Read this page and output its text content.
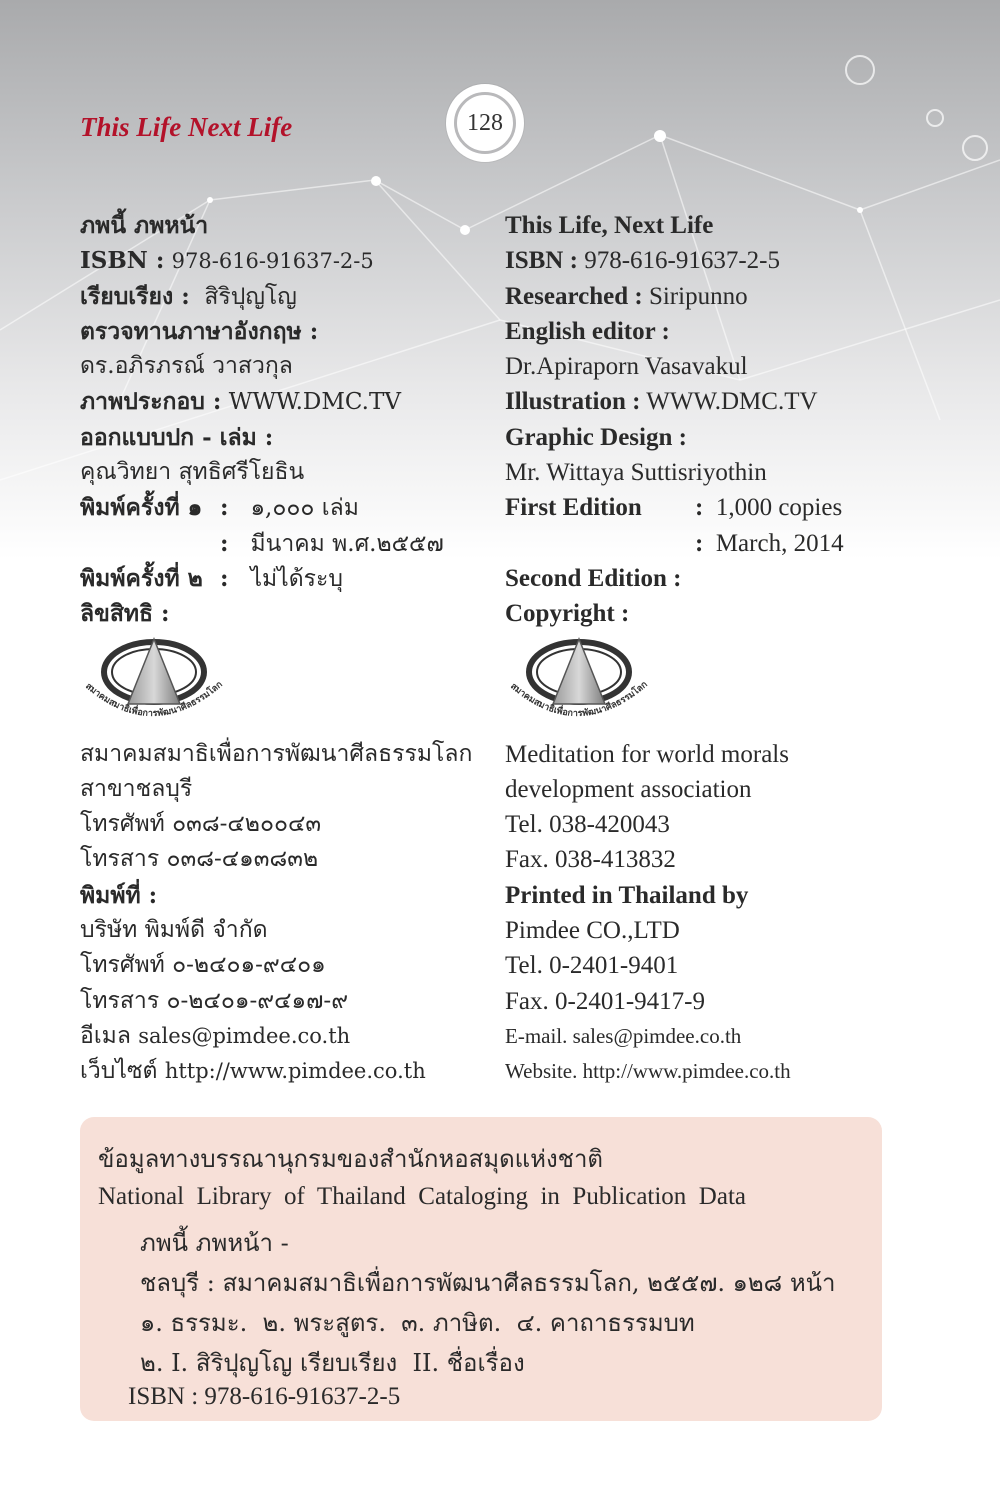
This Life Next Life	128
ภพนี้ ภพหน้า
ISBN : 978-616-91637-2-5
เรียบเรียง : สิริปุญโญ
ตรวจทานภาษาอังกฤษ :
ดร.อภิรภรณ์ วาสวกุล
ภาพประกอบ : WWW.DMC.TV
ออกแบบปก - เล่ม :
คุณวิทยา สุทธิศรีโยธิน
พิมพ์ครั้งที่ ๑ : ๑,๐๐๐ เล่ม
: มีนาคม พ.ศ.๒๕๕๗
พิมพ์ครั้งที่ ๒ : ไม่ได้ระบุ
ลิขสิทธิ :
สมาคมสมาธิเพื่อการพัฒนาศีลธรรมโลก
สมาคมสมาธิเพื่อการพัฒนาศีลธรรมโลก
สาขาชลบุรี
โทรศัพท์ ๐๓๘-๔๒๐๐๔๓
โทรสาร ๐๓๘-๔๑๓๘๓๒
พิมพ์ที่ :
บริษัท พิมพ์ดี จำกัด
โทรศัพท์ ๐-๒๔๐๑-๙๔๐๑
โทรสาร ๐-๒๔๐๑-๙๔๑๗-๙
อีเมล sales@pimdee.co.th
เว็บไซต์ http://www.pimdee.co.th
This Life, Next Life
ISBN : 978-616-91637-2-5
Researched : Siripunno
English editor :
Dr.Apiraporn Vasavakul
Illustration : WWW.DMC.TV
Graphic Design :
Mr. Wittaya Suttisriyothin
First Edition : 1,000 copies
: March, 2014
Second Edition :
Copyright :
สมาคมสมาธิเพื่อการพัฒนาศีลธรรมโลก
Meditation for world morals
development association
Tel. 038-420043
Fax. 038-413832
Printed in Thailand by
Pimdee CO.,LTD
Tel. 0-2401-9401
Fax. 0-2401-9417-9
E-mail. sales@pimdee.co.th
Website. http://www.pimdee.co.th
ข้อมูลทางบรรณานุกรมของสำนักหอสมุดแห่งชาติ
National  Library  of  Thailand  Cataloging  in  Publication  Data
ภพนี้ ภพหน้า -
ชลบุรี : สมาคมสมาธิเพื่อการพัฒนาศีลธรรมโลก, ๒๕๕๗. ๑๒๘ หน้า
๑. ธรรมะ.  ๒. พระสูตร.  ๓. ภาษิต.  ๔. คาถาธรรมบท
๒. I. สิริปุญโญ เรียบเรียง  II. ชื่อเรื่อง
ISBN : 978-616-91637-2-5
